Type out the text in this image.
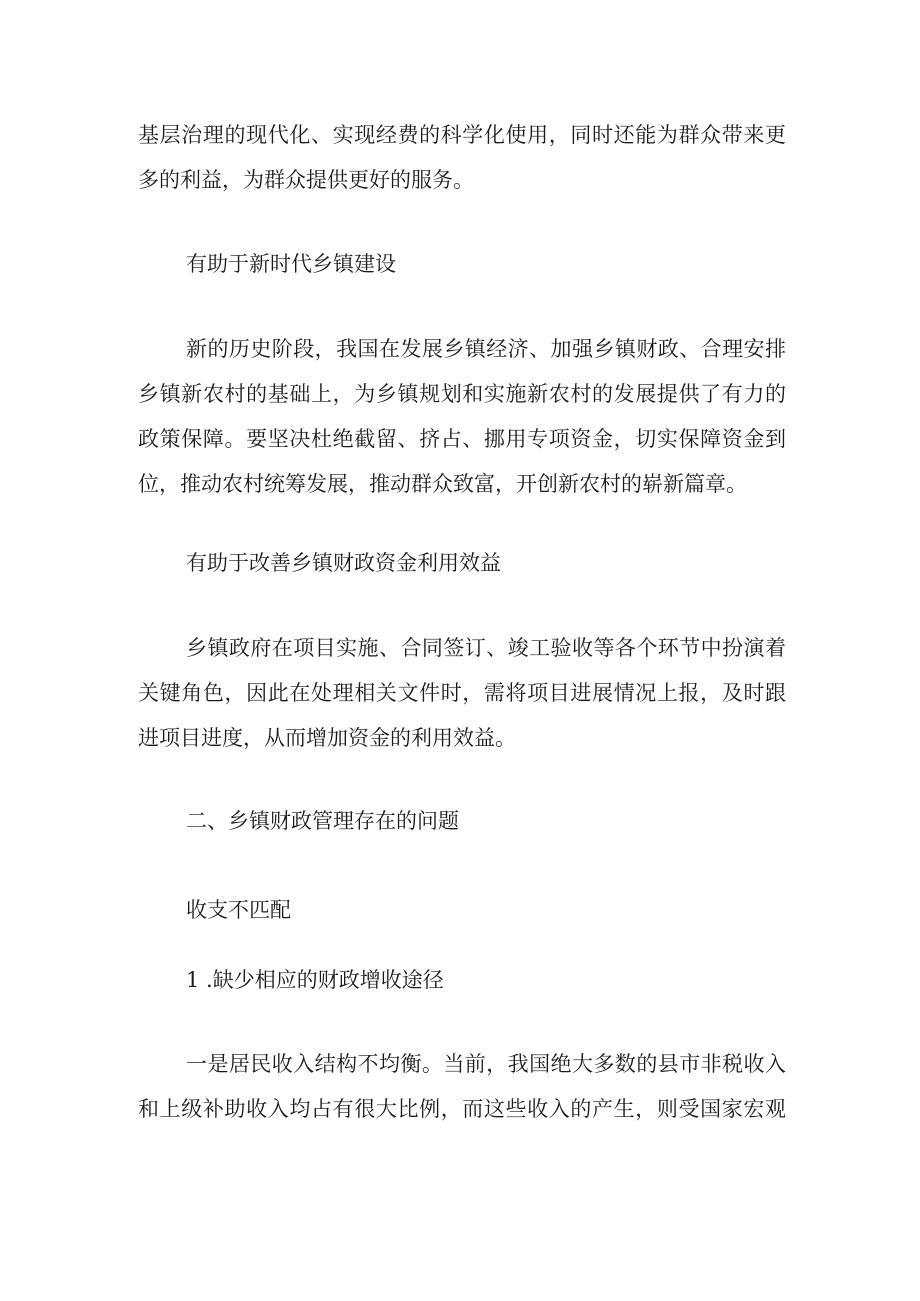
基层治理的现代化、实现经费的科学化使用，同时还能为群众带来更
多的利益，为群众提供更好的服务。
有助于新时代乡镇建设
新的历史阶段，我国在发展乡镇经济、加强乡镇财政、合理安排
乡镇新农村的基础上，为乡镇规划和实施新农村的发展提供了有力的
政策保障。要坚决杜绝截留、挤占、挪用专项资金，切实保障资金到
位，推动农村统筹发展，推动群众致富，开创新农村的崭新篇章。
有助于改善乡镇财政资金利用效益
乡镇政府在项目实施、合同签订、竣工验收等各个环节中扮演着
关键角色，因此在处理相关文件时，需将项目进展情况上报，及时跟
进项目进度，从而增加资金的利用效益。
二、乡镇财政管理存在的问题
收支不匹配
1 .缺少相应的财政增收途径
一是居民收入结构不均衡。当前，我国绝大多数的县市非税收入
和上级补助收入均占有很大比例，而这些收入的产生，则受国家宏观
